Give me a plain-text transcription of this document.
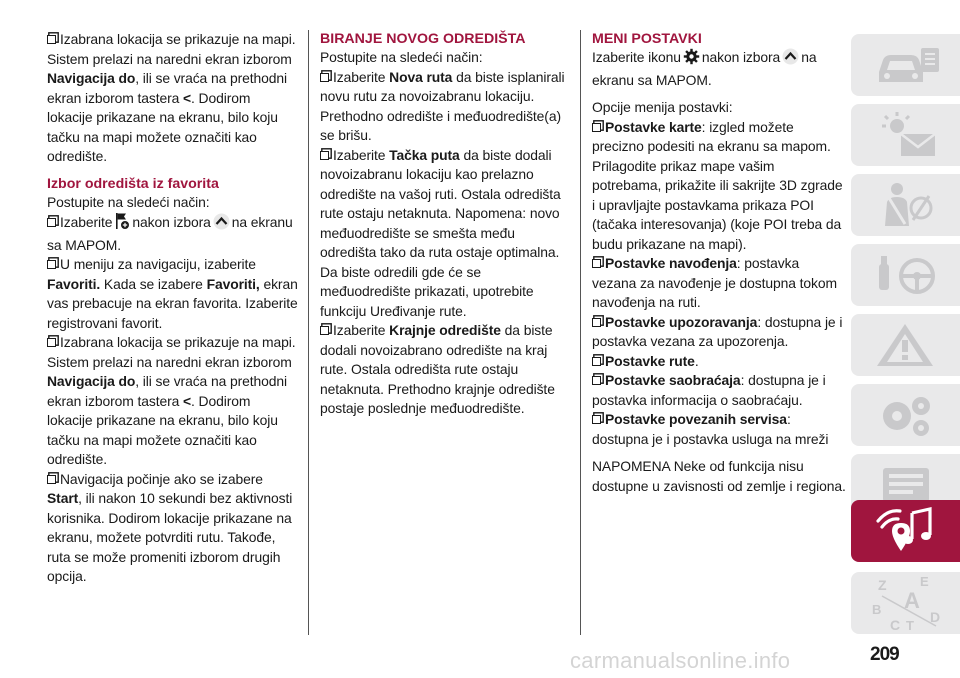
Izabrana lokacija se prikazuje na mapi. Sistem prelazi na naredni ekran izborom Navigacija do, ili se vraća na prethodni ekran izborom tastera <. Dodirom lokacije prikazane na ekranu, bilo koju tačku na mapi možete označiti kao odredište.
Izbor odredišta iz favorita
Postupite na sledeći način:
Izaberite nakon izbora na ekranu sa MAPOM.
U meniju za navigaciju, izaberite Favoriti. Kada se izabere Favoriti, ekran vas prebacuje na ekran favorita. Izaberite registrovani favorit.
Izabrana lokacija se prikazuje na mapi. Sistem prelazi na naredni ekran izborom Navigacija do, ili se vraća na prethodni ekran izborom tastera <. Dodirom lokacije prikazane na ekranu, bilo koju tačku na mapi možete označiti kao odredište.
Navigacija počinje ako se izabere Start, ili nakon 10 sekundi bez aktivnosti korisnika. Dodirom lokacije prikazane na ekranu, možete potvrditi rutu. Takođe, ruta se može promeniti izborom drugih opcija.
BIRANJE NOVOG ODREDIŠTA
Postupite na sledeći način:
Izaberite Nova ruta da biste isplanirali novu rutu za novoizabranu lokaciju. Prethodno odredište i međuodredište(a) se brišu.
Izaberite Tačka puta da biste dodali novoizabranu lokaciju kao prelazno odredište na vašoj ruti. Ostala odredišta rute ostaju netaknuta. Napomena: novo međuodredište se smešta među odredišta tako da ruta ostaje optimalna. Da biste odredili gde će se međuodredište prikazati, upotrebite funkciju Uređivanje rute.
Izaberite Krajnje odredište da biste dodali novoizabrano odredište na kraj rute. Ostala odredišta rute ostaju netaknuta. Prethodno krajnje odredište postaje poslednje međuodredište.
MENI POSTAVKI
Izaberite ikonu nakon izbora na ekranu sa MAPOM.
Opcije menija postavki:
Postavke karte: izgled možete precizno podesiti na ekranu sa mapom. Prilagodite prikaz mape vašim potrebama, prikažite ili sakrijte 3D zgrade i upravljajte postavkama prikaza POI (tačaka interesovanja) (koje POI treba da budu prikazane na mapi).
Postavke navođenja: postavka vezana za navođenje je dostupna tokom navođenja na ruti.
Postavke upozoravanja: dostupna je i postavka vezana za upozorenja.
Postavke rute.
Postavke saobraćaja: dostupna je i postavka informacija o saobraćaju.
Postavke povezanih servisa:
dostupna je i postavka usluga na mreži
NAPOMENA Neke od funkcija nisu dostupne u zavisnosti od zemlje i regiona.
Z	E
B A
C T
D
carmanualsonline.info	209
